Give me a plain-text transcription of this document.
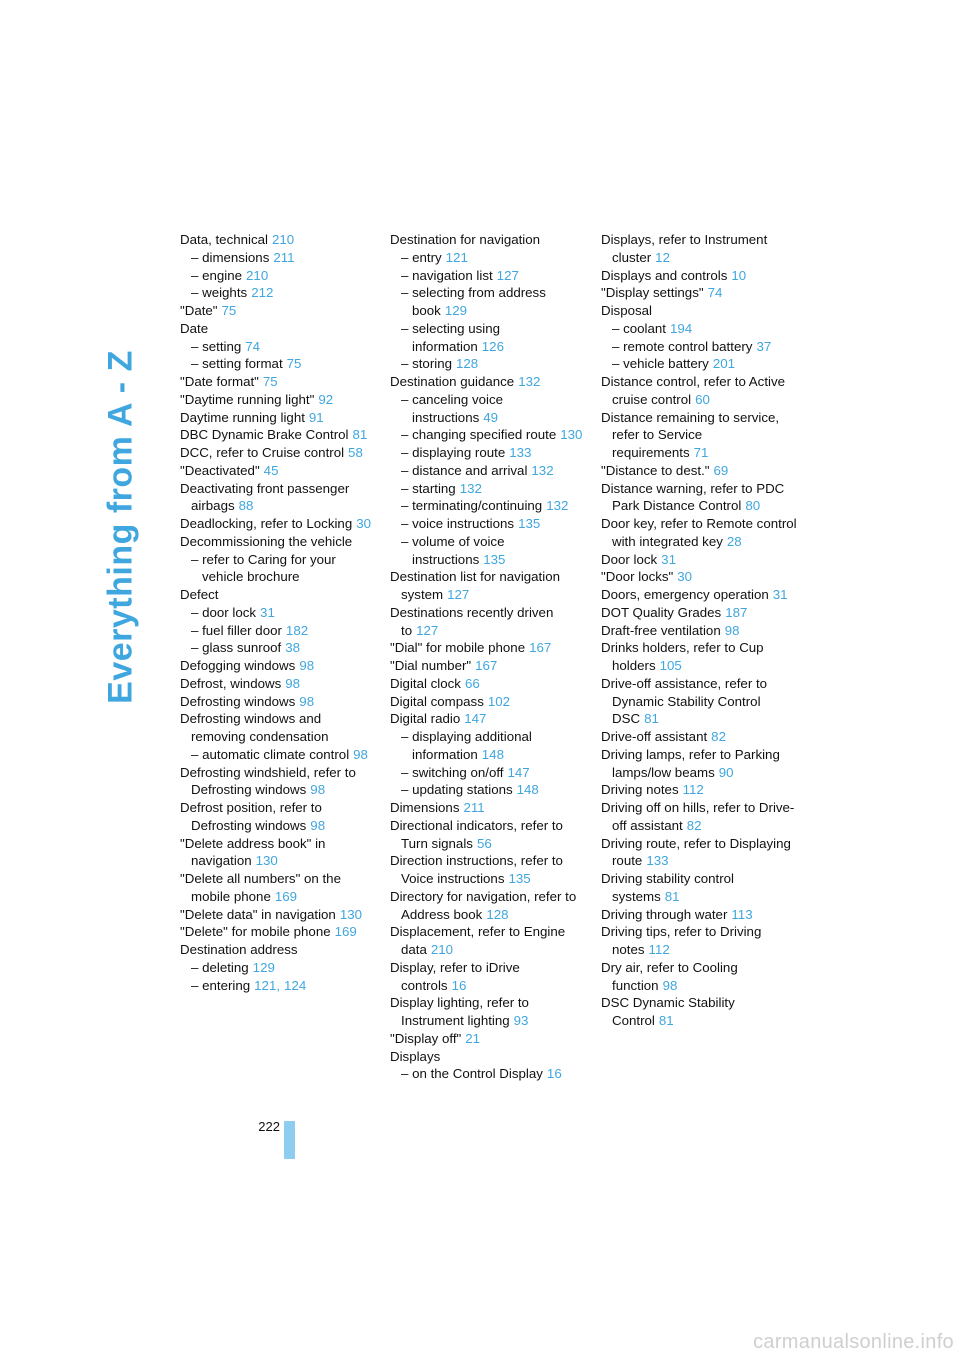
Everything from A - Z
Data, technical 210
– dimensions 211
– engine 210
– weights 212
"Date" 75
Date
– setting 74
– setting format 75
"Date format" 75
"Daytime running light" 92
Daytime running light 91
DBC Dynamic Brake Control 81
DCC, refer to Cruise control 58
"Deactivated" 45
Deactivating front passenger airbags 88
Deadlocking, refer to Locking 30
Decommissioning the vehicle
– refer to Caring for your vehicle brochure
Defect
– door lock 31
– fuel filler door 182
– glass sunroof 38
Defogging windows 98
Defrost, windows 98
Defrosting windows 98
Defrosting windows and removing condensation
– automatic climate control 98
Defrosting windshield, refer to Defrosting windows 98
Defrost position, refer to Defrosting windows 98
"Delete address book" in navigation 130
"Delete all numbers" on the mobile phone 169
"Delete data" in navigation 130
"Delete" for mobile phone 169
Destination address
– deleting 129
– entering 121, 124
Destination for navigation
– entry 121
– navigation list 127
– selecting from address book 129
– selecting using information 126
– storing 128
Destination guidance 132
– canceling voice instructions 49
– changing specified route 130
– displaying route 133
– distance and arrival 132
– starting 132
– terminating/continuing 132
– voice instructions 135
– volume of voice instructions 135
Destination list for navigation system 127
Destinations recently driven to 127
"Dial" for mobile phone 167
"Dial number" 167
Digital clock 66
Digital compass 102
Digital radio 147
– displaying additional information 148
– switching on/off 147
– updating stations 148
Dimensions 211
Directional indicators, refer to Turn signals 56
Direction instructions, refer to Voice instructions 135
Directory for navigation, refer to Address book 128
Displacement, refer to Engine data 210
Display, refer to iDrive controls 16
Display lighting, refer to Instrument lighting 93
"Display off" 21
Displays
– on the Control Display 16
Displays, refer to Instrument cluster 12
Displays and controls 10
"Display settings" 74
Disposal
– coolant 194
– remote control battery 37
– vehicle battery 201
Distance control, refer to Active cruise control 60
Distance remaining to service, refer to Service requirements 71
"Distance to dest." 69
Distance warning, refer to PDC Park Distance Control 80
Door key, refer to Remote control with integrated key 28
Door lock 31
"Door locks" 30
Doors, emergency operation 31
DOT Quality Grades 187
Draft-free ventilation 98
Drinks holders, refer to Cup holders 105
Drive-off assistance, refer to Dynamic Stability Control DSC 81
Drive-off assistant 82
Driving lamps, refer to Parking lamps/low beams 90
Driving notes 112
Driving off on hills, refer to Drive-off assistant 82
Driving route, refer to Displaying route 133
Driving stability control systems 81
Driving through water 113
Driving tips, refer to Driving notes 112
Dry air, refer to Cooling function 98
DSC Dynamic Stability Control 81
222
carmanualsonline.info
